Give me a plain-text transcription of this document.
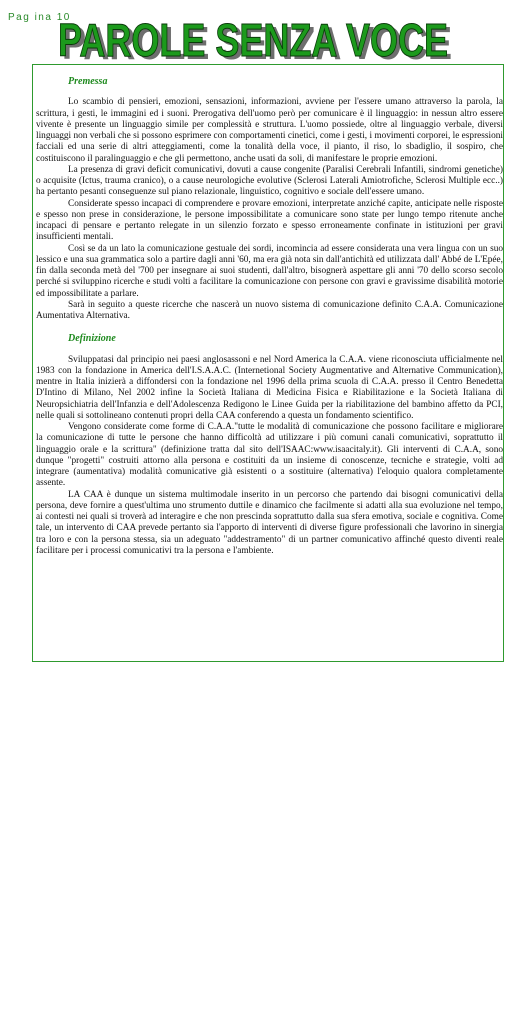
Pag ina 10
PAROLE SENZA VOCE
PAROLE SENZA VOCE
Premessa

Lo scambio di pensieri, emozioni, sensazioni, informazioni, avviene per l'essere umano attraverso la parola, la scrittura, i gesti, le immagini ed i suoni. Prerogativa dell'uomo però per comunicare è il linguaggio: in nessun altro essere vivente è presente un linguaggio simile per complessità e struttura. L'uomo possiede, oltre al linguaggio verbale, diversi linguaggi non verbali che si possono esprimere con comportamenti cinetici, come i gesti, i movimenti corporei, le espressioni facciali ed una serie di altri atteggiamenti, come la tonalità della voce, il pianto, il riso, lo sbadiglio, il sospiro, che costituiscono il paralinguaggio e che gli permettono, anche usati da soli, di manifestare le proprie emozioni.

La presenza di gravi deficit comunicativi, dovuti a cause congenite (Paralisi Cerebrali Infantili, sindromi genetiche) o acquisite (Ictus, trauma cranico), o a cause neurologiche evolutive (Sclerosi Laterali Amiotrofiche, Sclerosi Multiple ecc..) ha pertanto pesanti conseguenze sul piano relazionale, linguistico, cognitivo e sociale dell'essere umano.

Considerate spesso incapaci di comprendere e provare emozioni, interpretate anziché capite, anticipate nelle risposte e spesso non prese in considerazione, le persone impossibilitate a comunicare sono state per lungo tempo ritenute anche incapaci di pensare e pertanto relegate in un silenzio forzato e spesso erroneamente confinate in istituzioni per gravi insufficienti mentali.

Così se da un lato la comunicazione gestuale dei sordi, incomincia ad essere considerata una vera lingua con un suo lessico e una sua grammatica solo a partire dagli anni '60, ma era già nota sin dall'antichità ed utilizzata dall' Abbé de L'Epée, fin dalla seconda metà del '700 per insegnare ai suoi studenti, dall'altro, bisognerà aspettare gli anni '70 dello scorso secolo perché si sviluppino ricerche e studi volti a facilitare la comunicazione con persone con gravi e gravissime disabilità motorie ed impossibilitate a parlare.

Sarà in seguito a queste ricerche che nascerà un nuovo sistema di comunicazione definito C.A.A. Comunicazione Aumentativa Alternativa.

Definizione

Sviluppatasi dal principio nei paesi anglosassoni e nel Nord America la C.A.A. viene riconosciuta ufficialmente nel 1983 con la fondazione in America dell'I.S.A.A.C. (Internetional Society Augmentative and Alternative Communication), mentre in Italia inizierà a diffondersi con la fondazione nel 1996 della prima scuola di C.A.A. presso il Centro Benedetta D'Intino di Milano, Nel 2002 infine la Società Italiana di Medicina Fisica e Riabilitazione e la Società Italiana di Neuropsichiatria dell'Infanzia e dell'Adolescenza Redigono le Linee Guida per la riabilitazione del bambino affetto da PCI, nelle quali si sottolineano contenuti propri della CAA conferendo a questa un fondamento scientifico.

Vengono considerate come forme di C.A.A."tutte le modalità di comunicazione che possono facilitare e migliorare la comunicazione di tutte le persone che hanno difficoltà ad utilizzare i più comuni canali comunicativi, soprattutto il linguaggio orale e la scrittura" (definizione tratta dal sito dell'ISAAC:www.isaacitaly.it). Gli interventi di C.A.A, sono dunque "progetti" costruiti attorno alla persona e costituiti da un insieme di conoscenze, tecniche e strategie, volti ad integrare (aumentativa) modalità comunicative già esistenti o a sostituire (alternativa) l'eloquio qualora completamente assente.

LA CAA è dunque un sistema multimodale inserito in un percorso che partendo dai bisogni comunicativi della persona, deve fornire a quest'ultima uno strumento duttile e dinamico che facilmente si adatti alla sua evoluzione nel tempo, ai contesti nei quali si troverà ad interagire e che non prescinda soprattutto dalla sua sfera emotiva, sociale e cognitiva. Come tale, un intervento di CAA prevede pertanto sia l'apporto di interventi di diverse figure professionali che lavorino in sinergia tra loro e con la persona stessa, sia un adeguato "addestramento" di un partner comunicativo affinché questo diventi reale facilitare per i processi comunicativi tra la persona e l'ambiente.
